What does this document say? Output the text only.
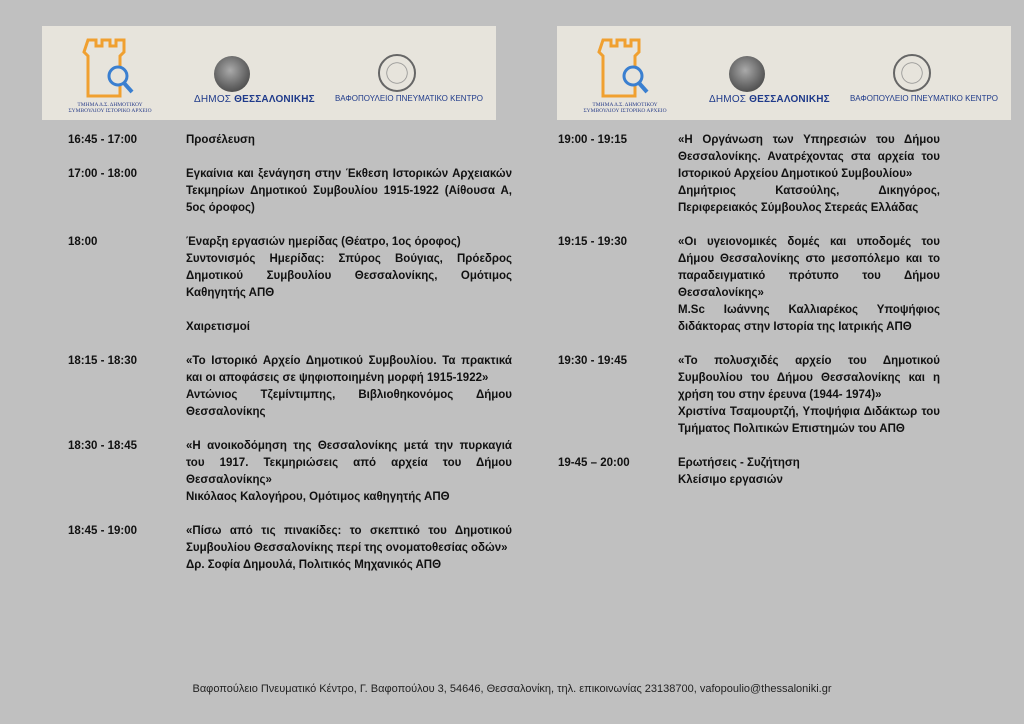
ΤΜΗΜΑ Δ.Σ. ΔΗΜΟΤΙΚΟΥ ΣΥΜΒΟΥΛΙΟΥ ΙΣΤΟΡΙΚΟ ΑΡΧΕΙΟ
ΔΗΜΟΣ ΘΕΣΣΑΛΟΝΙΚΗΣ	ΒΑΦΟΠΟΥΛΕΙΟ ΠΝΕΥΜΑΤΙΚΟ ΚΕΝΤΡΟ
ΤΜΗΜΑ Δ.Σ. ΔΗΜΟΤΙΚΟΥ ΣΥΜΒΟΥΛΙΟΥ ΙΣΤΟΡΙΚΟ ΑΡΧΕΙΟ
ΔΗΜΟΣ ΘΕΣΣΑΛΟΝΙΚΗΣ	ΒΑΦΟΠΟΥΛΕΙΟ ΠΝΕΥΜΑΤΙΚΟ ΚΕΝΤΡΟ
16:45 - 17:00	Προσέλευση
17:00 - 18:00	Εγκαίνια και ξενάγηση στην Έκθεση Ιστορικών Αρχειακών Τεκμηρίων Δημοτικού Συμβουλίου 1915-1922 (Αίθουσα Α, 5ος όροφος)
18:00	Έναρξη εργασιών ημερίδας (Θέατρο, 1ος όροφος)
Συντονισμός Ημερίδας: Σπύρος Βούγιας, Πρόεδρος Δημοτικού Συμβουλίου Θεσσαλονίκης, Ομότιμος Καθηγητής ΑΠΘ

Χαιρετισμοί
18:15 - 18:30	«Το Ιστορικό Αρχείο Δημοτικού Συμβουλίου. Τα πρακτικά και οι αποφάσεις σε ψηφιοποιημένη μορφή 1915-1922»
Αντώνιος Τζεμίντιμπης, Βιβλιοθηκονόμος Δήμου Θεσσαλονίκης
18:30 - 18:45	«Η ανοικοδόμηση της Θεσσαλονίκης μετά την πυρκαγιά του 1917. Τεκμηριώσεις από αρχεία του Δήμου Θεσσαλονίκης»
Νικόλαος Καλογήρου, Ομότιμος καθηγητής ΑΠΘ
18:45 - 19:00	«Πίσω από τις πινακίδες: το σκεπτικό του Δημοτικού Συμβουλίου Θεσσαλονίκης περί της ονοματοθεσίας οδών»
Δρ. Σοφία Δημουλά, Πολιτικός Μηχανικός ΑΠΘ
19:00 - 19:15	«Η Οργάνωση των Υπηρεσιών του Δήμου Θεσσαλονίκης. Ανατρέχοντας στα αρχεία του Ιστορικού Αρχείου Δημοτικού Συμβουλίου»
Δημήτριος Κατσούλης, Δικηγόρος, Περιφερειακός Σύμβουλος Στερεάς Ελλάδας
19:15 - 19:30	«Οι υγειονομικές δομές και υποδομές του Δήμου Θεσσαλονίκης στο μεσοπόλεμο και το παραδειγματικό πρότυπο του Δήμου Θεσσαλονίκης»
M.Sc Ιωάννης Καλλιαρέκος Υποψήφιος διδάκτορας στην Ιστορία της Ιατρικής ΑΠΘ
19:30 - 19:45	«Το πολυσχιδές αρχείο του Δημοτικού Συμβουλίου του Δήμου Θεσσαλονίκης και η χρήση του στην έρευνα (1944- 1974)»
Χριστίνα Τσαμουρτζή, Υποψήφια Διδάκτωρ του Τμήματος Πολιτικών Επιστημών του ΑΠΘ
19-45 – 20:00	Ερωτήσεις - Συζήτηση
Κλείσιμο εργασιών
Βαφοπούλειο Πνευματικό Κέντρο, Γ. Βαφοπούλου 3, 54646, Θεσσαλονίκη, τηλ. επικοινωνίας 23138700, vafopoulio@thessaloniki.gr
